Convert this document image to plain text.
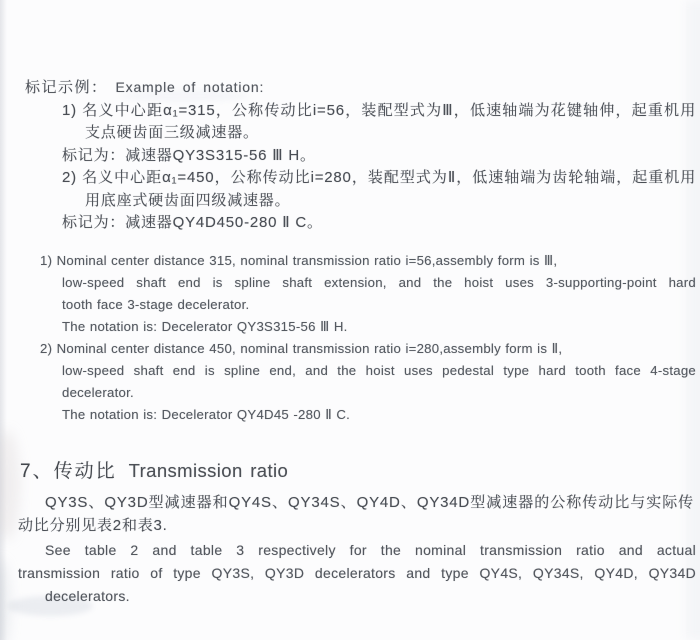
标记示例： Example of notation:
1) 名义中心距α₁=315，公称传动比i=56，装配型式为Ⅲ，低速轴端为花键轴伸，起重机用
支点硬齿面三级减速器。
标记为：减速器QY3S315-56 Ⅲ H。
2) 名义中心距α₁=450，公称传动比i=280，装配型式为Ⅱ，低速轴端为齿轮轴端，起重机用
用底座式硬齿面四级减速器。
标记为：减速器QY4D450-280 Ⅱ C。
1) Nominal center distance 315, nominal transmission ratio i=56,assembly form is Ⅲ,
low-speed shaft end is spline shaft extension, and the hoist uses 3-supporting-point hard
tooth face 3-stage decelerator.
The notation is: Decelerator QY3S315-56 Ⅲ H.
2) Nominal center distance 450, nominal transmission ratio i=280,assembly form is Ⅱ,
low-speed shaft end is spline end, and the hoist uses pedestal type hard tooth face 4-stage
decelerator.
The notation is: Decelerator QY4D45 -280 Ⅱ C.
7、传动比 Transmission ratio
QY3S、QY3D型减速器和QY4S、QY34S、QY4D、QY34D型减速器的公称传动比与实际传
动比分别见表2和表3.
See table 2 and table 3 respectively for the nominal transmission ratio and actual
transmission ratio of type QY3S, QY3D decelerators and type QY4S, QY34S, QY4D, QY34D
decelerators.
